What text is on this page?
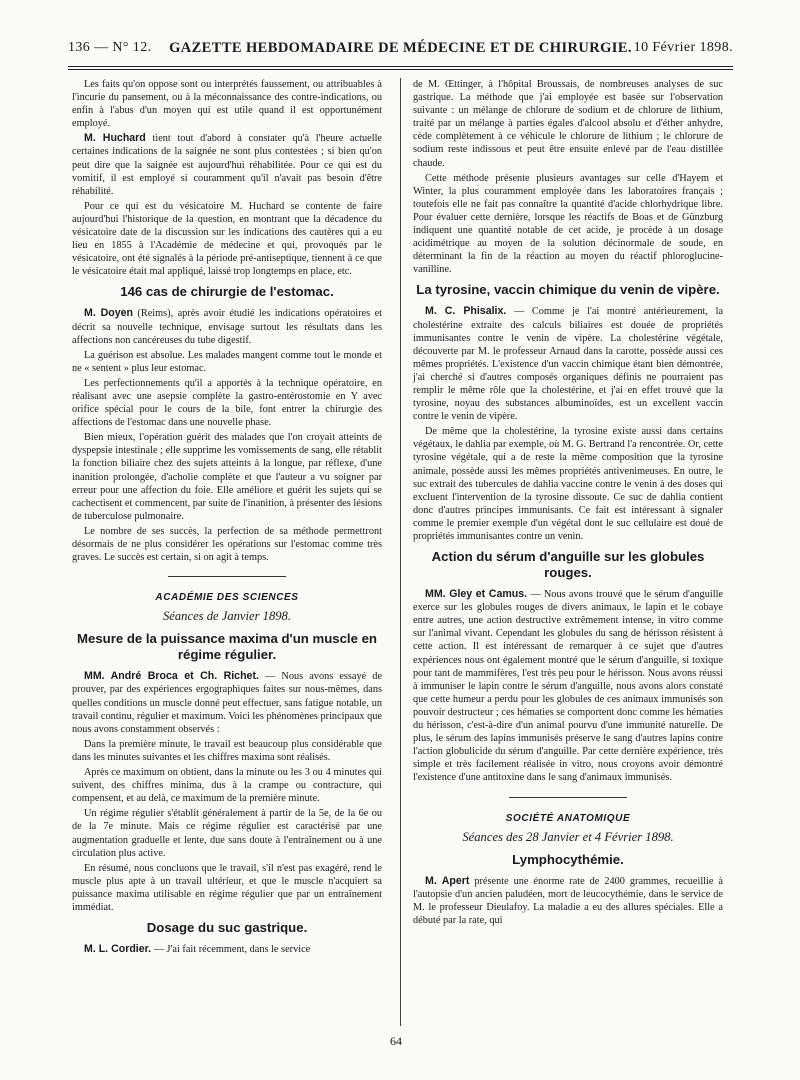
136 — N° 12.	GAZETTE HEBDOMADAIRE DE MÉDECINE ET DE CHIRURGIE. 10 Février 1898.

Les faits qu'on oppose sont ou interprétés faussement, ou attribuables à l'incurie du pansement, ou à la méconnaissance des contre-indications, ou enfin à l'abus d'un moyen qui est utile quand il est opportunément employé.

M. Huchard tient tout d'abord à constater qu'à l'heure actuelle certaines indications de la saignée ne sont plus contestées ; si bien qu'on peut dire que la saignée est aujourd'hui réhabilitée. Pour ce qui est du vomitif, il est employé si couramment qu'il n'avait pas besoin d'être réhabilité.

Pour ce qui est du vésicatoire M. Huchard se contente de faire aujourd'hui l'historique de la question, en montrant que la décadence du vésicatoire date de la discussion sur les indications des cautères qui a eu lieu en 1855 à l'Académie de médecine et qui, provoqués par le vésicatoire, ont été signalés à la période pré-antiseptique, tiennent à ce que le vésicatoire était mal appliqué, laissé trop longtemps en place, etc.

146 cas de chirurgie de l'estomac.

M. Doyen (Reims), après avoir étudié les indications opératoires et décrit sa nouvelle technique, envisage surtout les résultats dans les affections non cancéreuses du tube digestif.

La guérison est absolue. Les malades mangent comme tout le monde et ne « sentent » plus leur estomac.

Les perfectionnements qu'il a apportés à la technique opératoire, en réalisant avec une asepsie complète la gastro-entérostomie en Y avec orifice spécial pour le cours de la bile, font entrer la chirurgie des affections de l'estomac dans une nouvelle phase.

Bien mieux, l'opération guérit des malades que l'on croyait atteints de dyspepsie intestinale ; elle supprime les vomissements de sang, elle rétablit la fonction biliaire chez des sujets atteints à la longue, par réflexe, d'une inanition prolongée, d'acholie complète et que l'auteur a vu soigner par erreur pour une affection du foie. Elle améliore et guérit les sujets qui se cachectisent et commencent, par suite de l'inanition, à présenter des lésions de tuberculose pulmonaire.

Le nombre de ses succès, la perfection de sa méthode permettront désormais de ne plus considérer les opérations sur l'estomac comme très graves. Le succès est certain, si on agit à temps.

ACADÉMIE DES SCIENCES
Séances de Janvier 1898.
Mesure de la puissance maxima d'un muscle en régime régulier.

MM. André Broca et Ch. Richet. — Nous avons essayé de prouver, par des expériences ergographiques faites sur nous-mêmes, dans quelles conditions un muscle donné peut effectuer, sans fatigue notable, un travail continu, régulier et maximum. Voici les phénomènes principaux que nous avons constamment observés :

Dans la première minute, le travail est beaucoup plus considérable que dans les minutes suivantes et les chiffres maxima sont réalisés.

Après ce maximum on obtient, dans la minute ou les 3 ou 4 minutes qui suivent, des chiffres minima, dus à la crampe ou contracture, qui compensent, et au delà, ce maximum de la première minute.

Un régime régulier s'établit généralement à partir de la 5e, de la 6e ou de la 7e minute. Mais ce régime régulier est caractérisé par une augmentation graduelle et lente, due sans doute à l'entraînement ou à une circulation plus active.

En résumé, nous concluons que le travail, s'il n'est pas exagéré, rend le muscle plus apte à un travail ultérieur, et que le muscle n'acquiert sa puissance maxima utilisable en régime régulier que par un entraînement immédiat.

Dosage du suc gastrique.

M. L. Cordier. — J'ai fait récemment, dans le service

de M. Œttinger, à l'hôpital Broussais, de nombreuses analyses de suc gastrique. La méthode que j'ai employée est basée sur l'observation suivante : un mélange de chlorure de sodium et de chlorure de lithium, traité par un mélange à parties égales d'alcool absolu et d'éther anhydre, cède complètement à ce véhicule le chlorure de lithium ; le chlorure de sodium reste indissous et peut être ensuite enlevé par de l'eau distillée chaude.

Cette méthode présente plusieurs avantages sur celle d'Hayem et Winter, la plus couramment employée dans les laboratoires français ; toutefois elle ne fait pas connaître la quantité d'acide chlorhydrique libre. Pour évaluer cette dernière, lorsque les réactifs de Boas et de Günzburg indiquent une quantité notable de cet acide, je procède à un dosage acidimétrique au moyen de la solution décinormale de soude, en déterminant la fin de la réaction au moyen du réactif phloroglucine-vanilline.

La tyrosine, vaccin chimique du venin de vipère.

M. C. Phisalix. — Comme je l'ai montré antérieurement, la cholestérine extraite des calculs biliaires est douée de propriétés immunisantes contre le venin de vipère. La cholestérine végétale, découverte par M. le professeur Arnaud dans la carotte, possède aussi ces mêmes propriétés. L'existence d'un vaccin chimique étant bien démontrée, j'ai cherché si d'autres composés organiques définis ne pourraient pas remplir le même rôle que la cholestérine, et j'ai en effet trouvé que la tyrosine, noyau des substances albuminoïdes, est un excellent vaccin contre le venin de vipère.

De même que la cholestérine, la tyrosine existe aussi dans certains végétaux, le dahlia par exemple, où M. G. Bertrand l'a rencontrée. Or, cette tyrosine végétale, qui a de reste la même composition que la tyrosine animale, possède aussi les mêmes propriétés antivenimeuses. En outre, le suc extrait des tubercules de dahlia vaccine contre le venin à des doses qui excluent l'intervention de la tyrosine dissoute. Ce suc de dahlia contient donc d'autres principes immunisants. Ce fait est intéressant à signaler comme le premier exemple d'un végétal dont le suc cellulaire est doué de propriétés immunisantes contre un venin.

Action du sérum d'anguille sur les globules rouges.

MM. Gley et Camus. — Nous avons trouvé que le sérum d'anguille exerce sur les globules rouges de divers animaux, le lapin et le cobaye entre autres, une action destructive extrêmement intense, in vitro comme sur l'animal vivant. Cependant les globules du sang de hérisson résistent à cette action. Il est intéressant de remarquer à ce sujet que d'autres expériences nous ont également montré que le sérum d'anguille, si toxique pour tant de mammifères, l'est très peu pour le hérisson. Nous avons réussi à immuniser le lapin contre le sérum d'anguille, nous avons alors constaté que cette humeur a perdu pour les globules de ces animaux immunisés son pouvoir destructeur ; ces hématies se comportent donc comme les hématies du hérisson, c'est-à-dire d'un animal pourvu d'une immunité naturelle. De plus, le sérum des lapins immunisés préserve le sang d'autres lapins contre l'action globulicide du sérum d'anguille. Par cette dernière expérience, très simple et très facilement réalisée in vitro, nous croyons avoir démontré l'existence d'une antitoxine dans le sang d'animaux immunisés.

SOCIÉTÉ ANATOMIQUE
Séances des 28 Janvier et 4 Février 1898.
Lymphocythémie.

M. Apert présente une énorme rate de 2400 grammes, recueillie à l'autopsie d'un ancien paludéen, mort de leucocythémie, dans le service de M. le professeur Dieulafoy. La maladie a eu des allures spéciales. Elle a débuté par la rate, qui

64
